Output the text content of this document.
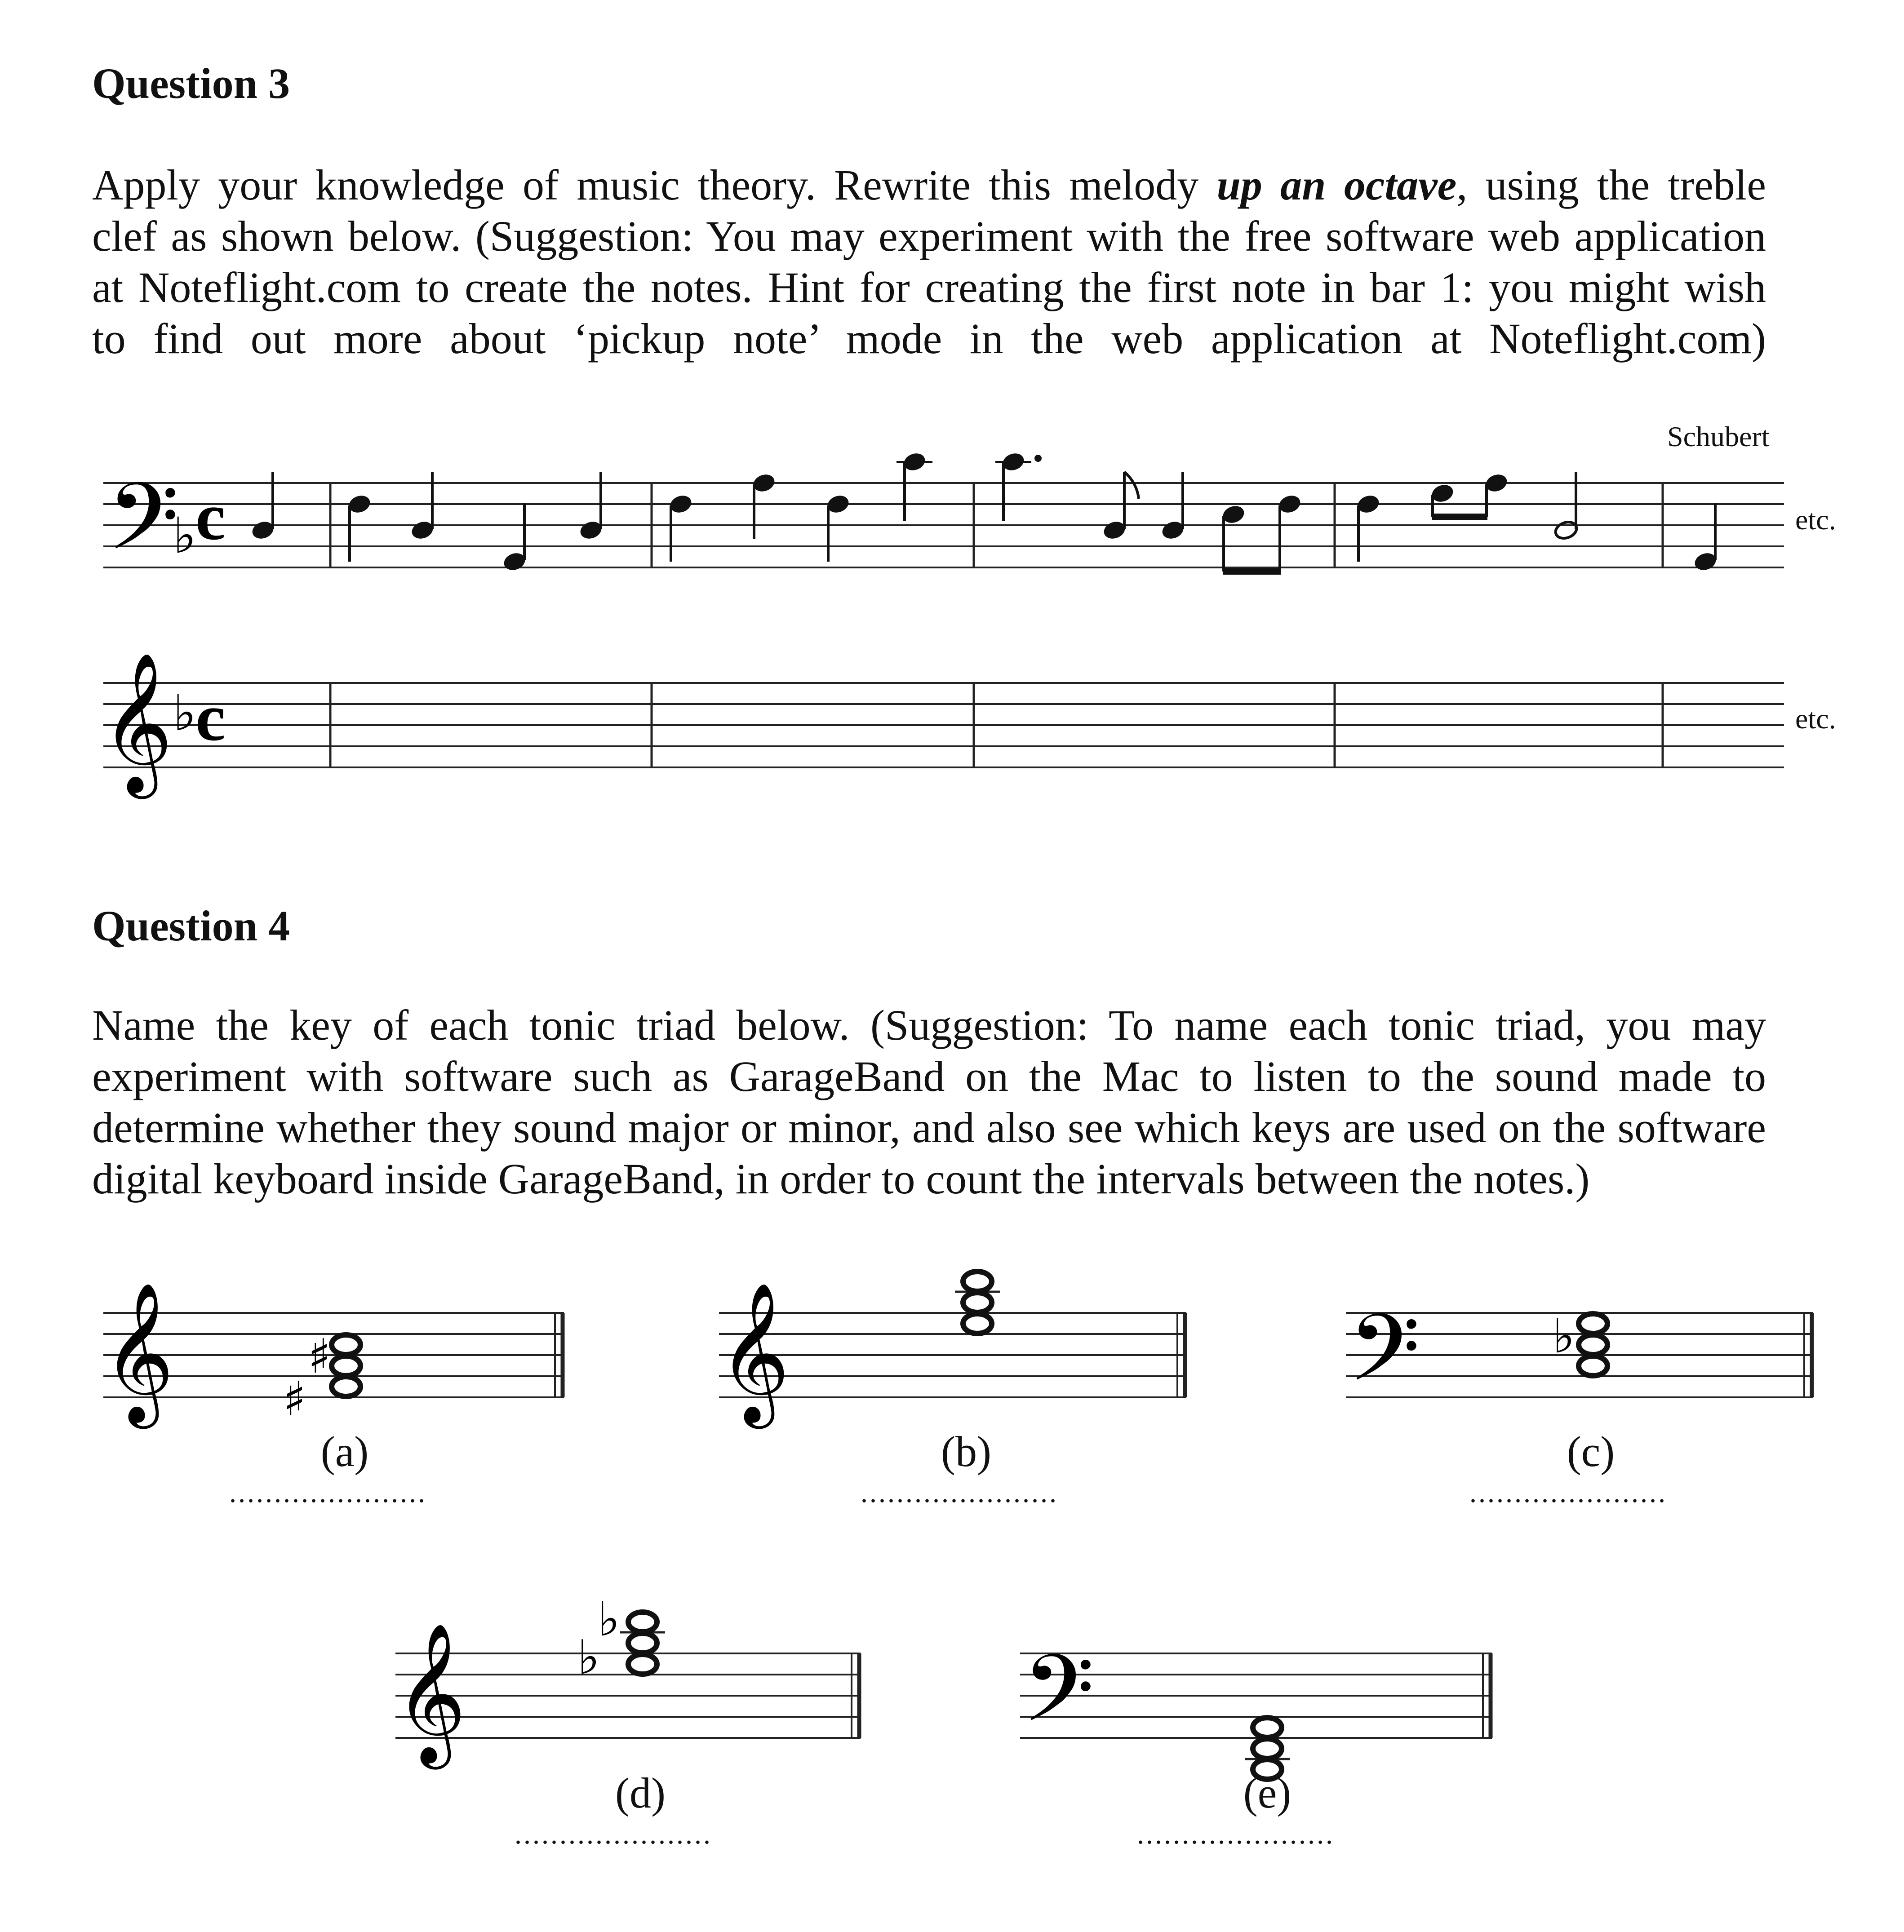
Question 3
Apply your knowledge of music theory. Rewrite this melody up an octave, using the treble
clef as shown below. (Suggestion: You may experiment with the free software web application
at Noteflight.com to create the notes. Hint for creating the first note in bar 1: you might wish
to find out more about ‘pickup note’ mode in the web application at Noteflight.com)
Schubert
𝄢
♭
c	etc.
𝄞 ♭
c	etc.
Question 4
Name the key of each tonic triad below. (Suggestion: To name each tonic triad, you may
experiment with software such as GarageBand on the Mac to listen to the sound made to
determine whether they sound major or minor, and also see which keys are used on the software
digital keyboard inside GarageBand, in order to count the intervals between the notes.)
𝄞 ♯
♯	𝄞	𝄢	♭
𝄞 ♭
♭
𝄢
(a)
......................
(b)
......................
(c)
......................
(d)
......................
(e)
......................
